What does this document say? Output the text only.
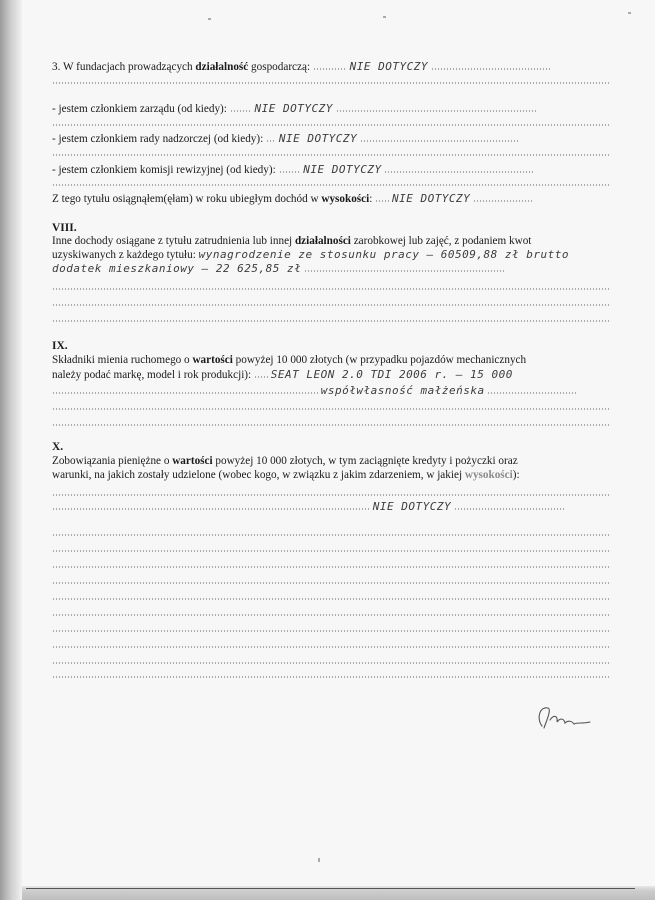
3. W fundacjach prowadzących działalność gospodarczą:	NIE DOTYCZY
- jestem członkiem zarządu (od kiedy):	NIE DOTYCZY
- jestem członkiem rady nadzorczej (od kiedy): NIE DOTYCZY
- jestem członkiem komisji rewizyjnej (od kiedy):	NIE DOTYCZY
Z tego tytułu osiągnąłem(ęłam) w roku ubiegłym dochód w wysokości: NIE DOTYCZY
VIII.
Inne dochody osiągane z tytułu zatrudnienia lub innej działalności zarobkowej lub zajęć, z podaniem kwot
uzyskiwanych z każdego tytułu: wynagrodzenie ze stosunku pracy – 60509,88 zł brutto
dodatek mieszkaniowy – 22 625,85 zł
IX.
Składniki mienia ruchomego o wartości powyżej 10 000 złotych (w przypadku pojazdów mechanicznych
należy podać markę, model i rok produkcji): SEAT LEON 2.0 TDI 2006 r. – 15 000
współwłasność małżeńska
X.
Zobowiązania pieniężne o wartości powyżej 10 000 złotych, w tym zaciągnięte kredyty i pożyczki oraz
warunki, na jakich zostały udzielone (wobec kogo, w związku z jakim zdarzeniem, w jakiej wysokości):
NIE DOTYCZY
